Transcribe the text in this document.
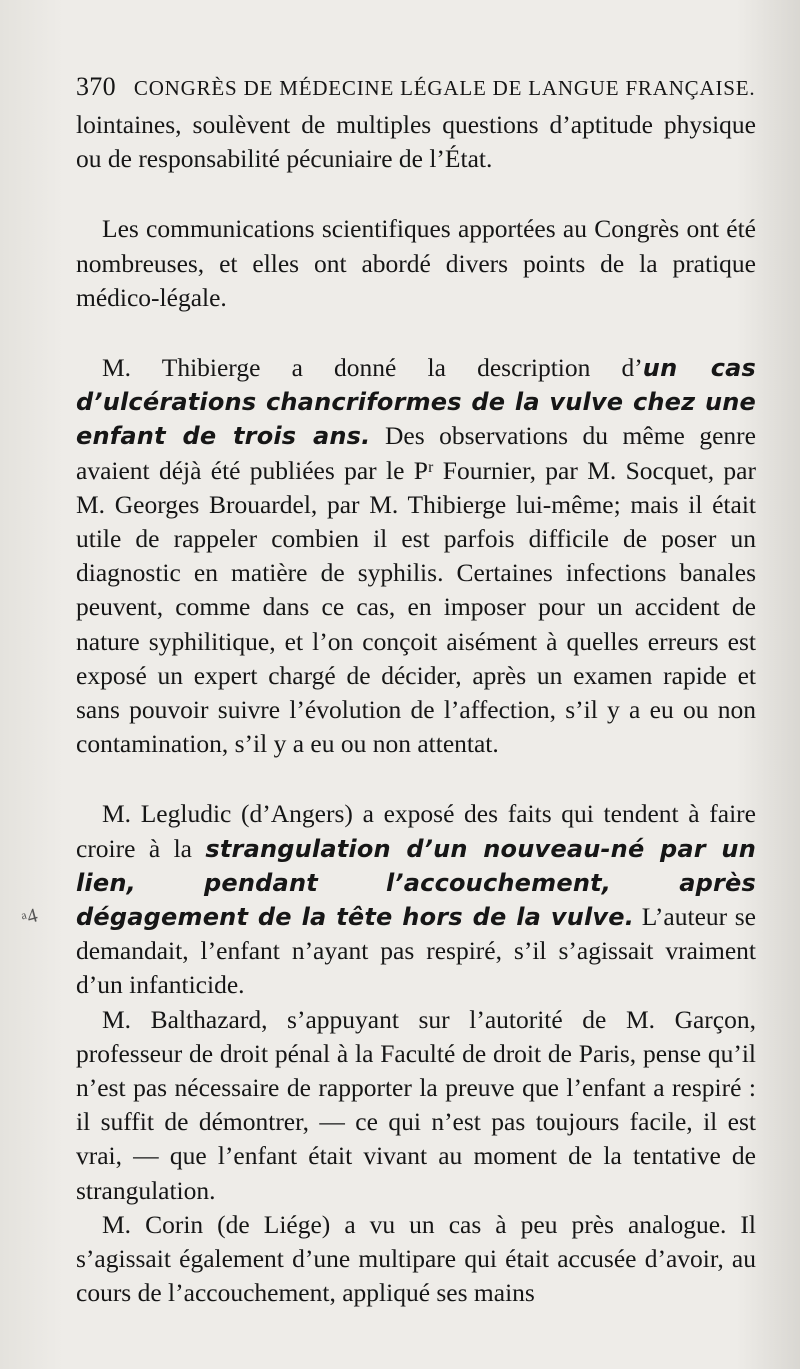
370 CONGRÈS DE MÉDECINE LÉGALE DE LANGUE FRANÇAISE.
ᵃ4

lointaines, soulèvent de multiples questions d’aptitude physique ou de responsabilité pécuniaire de l’État.

Les communications scientifiques apportées au Congrès ont été nombreuses, et elles ont abordé divers points de la pratique médico-légale.

M. Thibierge a donné la description d’un cas d’ulcérations chancriformes de la vulve chez une enfant de trois ans. Des observations du même genre avaient déjà été publiées par le Pʳ Fournier, par M. Socquet, par M. Georges Brouardel, par M. Thibierge lui-même; mais il était utile de rappeler combien il est parfois difficile de poser un diagnostic en matière de syphilis. Certaines infections banales peuvent, comme dans ce cas, en imposer pour un accident de nature syphilitique, et l’on conçoit aisément à quelles erreurs est exposé un expert chargé de décider, après un examen rapide et sans pouvoir suivre l’évolution de l’affection, s’il y a eu ou non contamination, s’il y a eu ou non attentat.

M. Legludic (d’Angers) a exposé des faits qui tendent à faire croire à la strangulation d’un nouveau-né par un lien, pendant l’accouchement, après dégagement de la tête hors de la vulve. L’auteur se demandait, l’enfant n’ayant pas respiré, s’il s’agissait vraiment d’un infanticide.

M. Balthazard, s’appuyant sur l’autorité de M. Garçon, professeur de droit pénal à la Faculté de droit de Paris, pense qu’il n’est pas nécessaire de rapporter la preuve que l’enfant a respiré : il suffit de démontrer, — ce qui n’est pas toujours facile, il est vrai, — que l’enfant était vivant au moment de la tentative de strangulation.

M. Corin (de Liége) a vu un cas à peu près analogue. Il s’agissait également d’une multipare qui était accusée d’avoir, au cours de l’accouchement, appliqué ses mains
